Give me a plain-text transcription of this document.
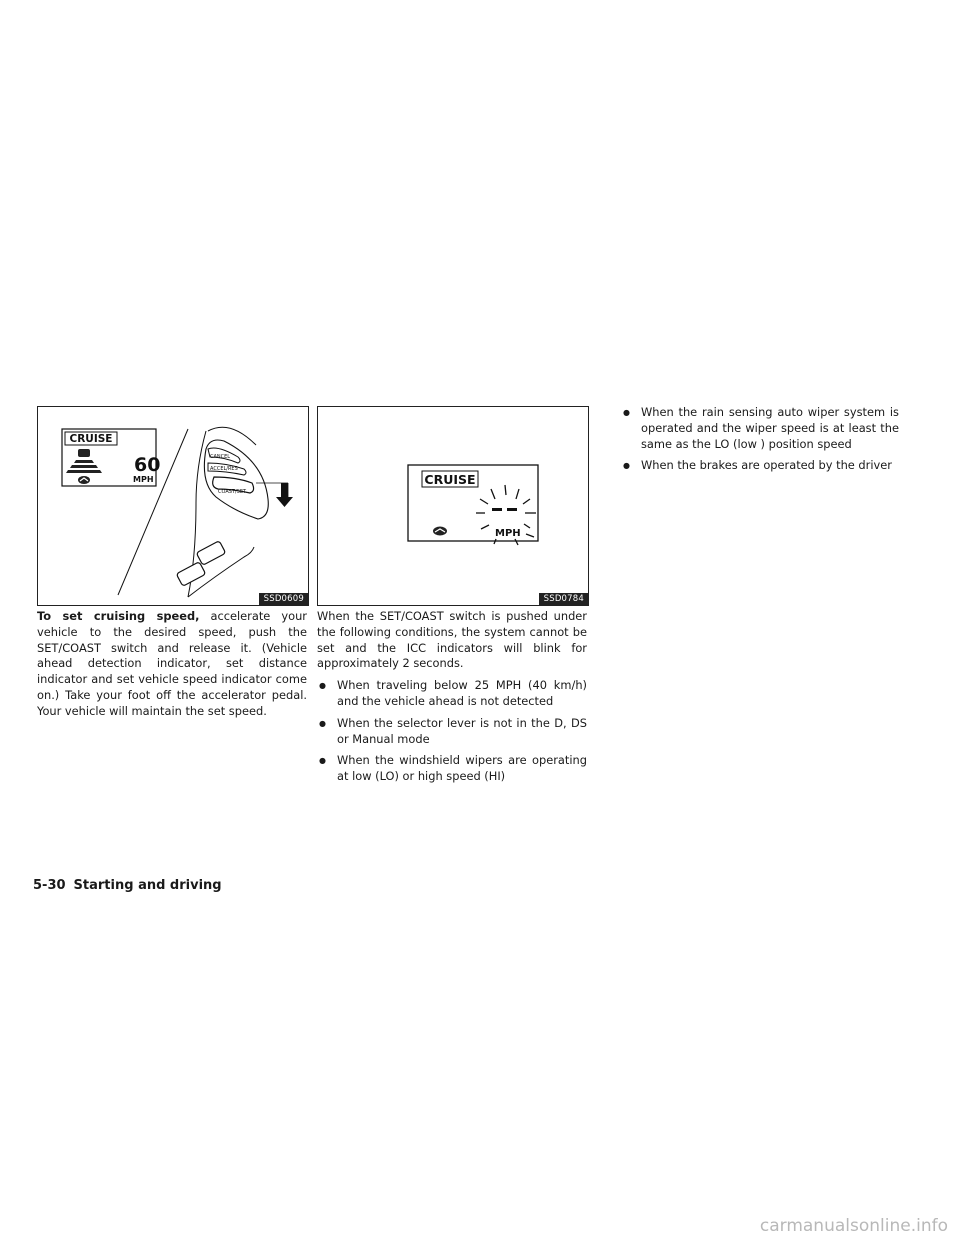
CRUISE
60
MPH
CANCEL
ACCEL/RES
COAST/SET
SSD0609
CRUISE
MPH
SSD0784

To set cruising speed, accelerate your vehicle to the desired speed, push the SET/COAST switch and release it. (Vehicle ahead detection indicator, set distance indicator and set vehicle speed indicator come on.) Take your foot off the accelerator pedal. Your vehicle will maintain the set speed.

When the SET/COAST switch is pushed under the following conditions, the system cannot be set and the ICC indicators will blink for approximately 2 seconds.

● When traveling below 25 MPH (40 km/h) and the vehicle ahead is not detected
● When the selector lever is not in the D, DS or Manual mode
● When the windshield wipers are operating at low (LO) or high speed (HI)
● When the rain sensing auto wiper system is operated and the wiper speed is at least the same as the LO (low ) position speed
● When the brakes are operated by the driver
5-30 Starting and driving
carmanualsonline.info
